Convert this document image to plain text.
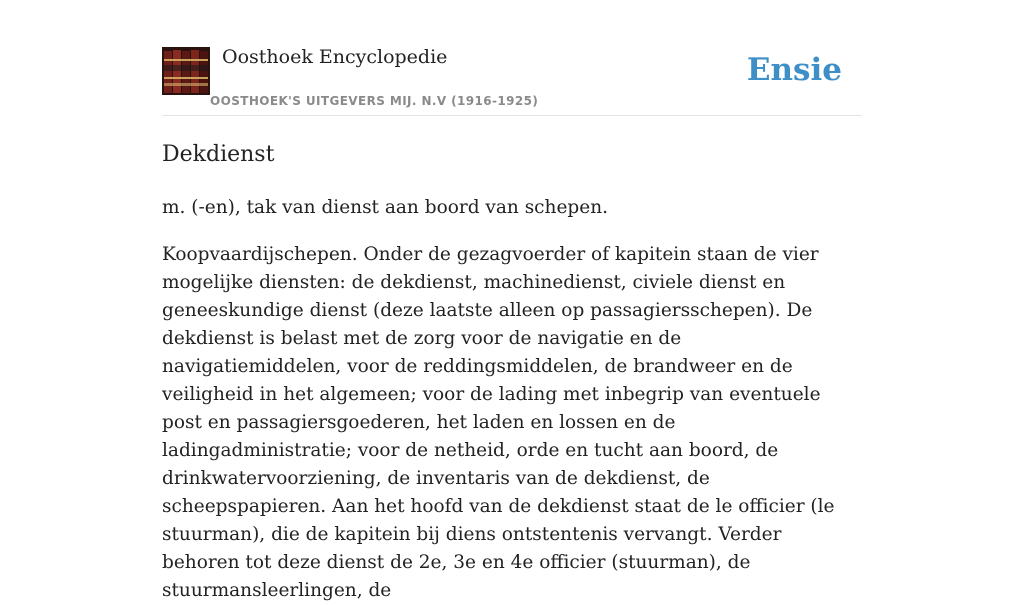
Oosthoek Encyclopedie
OOSTHOEK'S UITGEVERS MIJ. N.V (1916-1925)
Ensie
Dekdienst

m. (-en), tak van dienst aan boord van schepen.

Koopvaardijschepen. Onder de gezagvoerder of kapitein staan de vier mogelijke diensten: de dekdienst, machinedienst, civiele dienst en geneeskundige dienst (deze laatste alleen op passagiersschepen). De dekdienst is belast met de zorg voor de navigatie en de navigatiemiddelen, voor de reddingsmiddelen, de brandweer en de veiligheid in het algemeen; voor de lading met inbegrip van eventuele post en passagiersgoederen, het laden en lossen en de ladingadministratie; voor de netheid, orde en tucht aan boord, de drinkwatervoorziening, de inventaris van de dekdienst, de scheepspapieren. Aan het hoofd van de dekdienst staat de le officier (le stuurman), die de kapitein bij diens ontstentenis vervangt. Verder behoren tot deze dienst de 2e, 3e en 4e officier (stuurman), de stuurmansleerlingen, de
